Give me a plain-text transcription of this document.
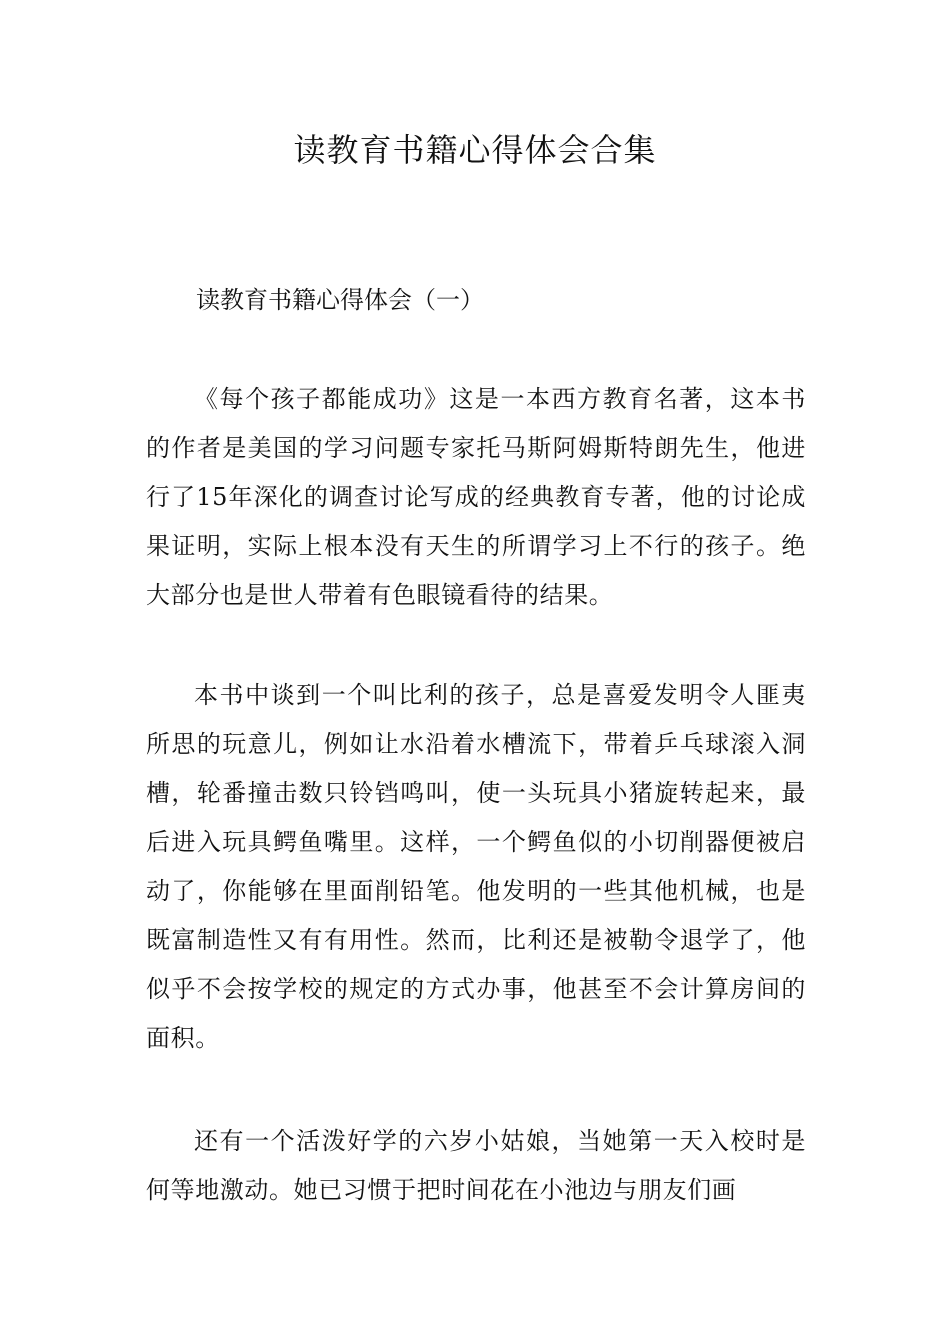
读教育书籍心得体会合集
读教育书籍心得体会（一）

《每个孩子都能成功》这是一本西方教育名著，这本书的作者是美国的学习问题专家托马斯阿姆斯特朗先生，他进行了15年深化的调查讨论写成的经典教育专著，他的讨论成果证明，实际上根本没有天生的所谓学习上不行的孩子。绝大部分也是世人带着有色眼镜看待的结果。

本书中谈到一个叫比利的孩子，总是喜爱发明令人匪夷所思的玩意儿，例如让水沿着水槽流下，带着乒乓球滚入洞槽，轮番撞击数只铃铛鸣叫，使一头玩具小猪旋转起来，最后进入玩具鳄鱼嘴里。这样，一个鳄鱼似的小切削器便被启动了，你能够在里面削铅笔。他发明的一些其他机械，也是既富制造性又有有用性。然而，比利还是被勒令退学了，他似乎不会按学校的规定的方式办事，他甚至不会计算房间的面积。

还有一个活泼好学的六岁小姑娘，当她第一天入校时是何等地激动。她已习惯于把时间花在小池边与朋友们画
